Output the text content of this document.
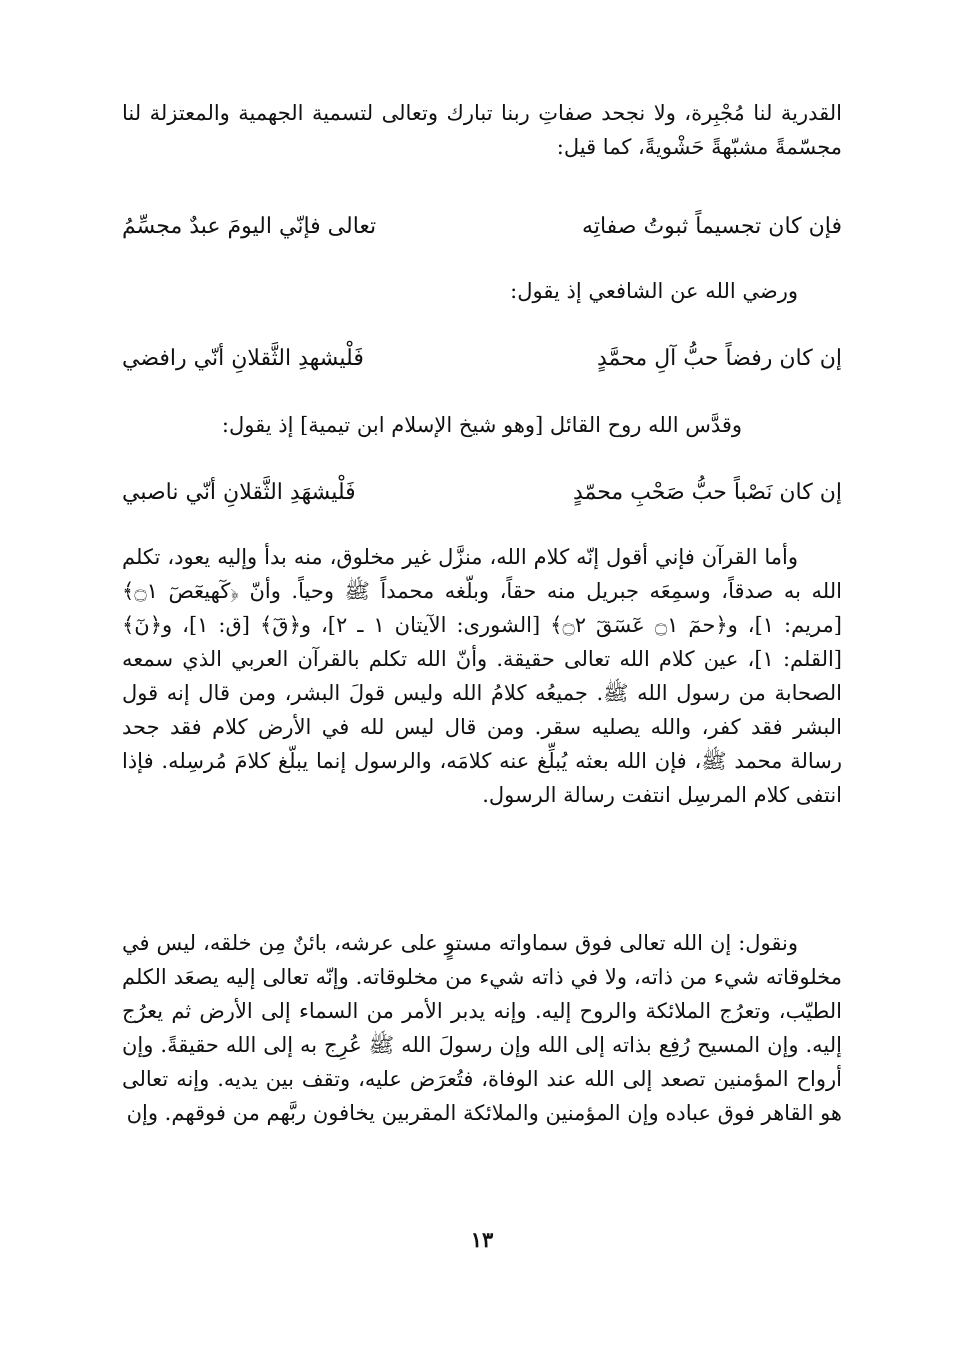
القدرية لنا مُجْبِرة، ولا نجحد صفاتِ ربنا تبارك وتعالى لتسمية الجهمية والمعتزلة لنا مجسّمةً مشبّهةً حَشْويةً، كما قيل:

فإن كان تجسيماً ثبوتُ صفاتِه
تعالى فإنّي اليومَ عبدٌ مجسِّمُ

ورضي الله عن الشافعي إذ يقول:

إن كان رفضاً حبُّ آلِ محمَّدٍ
فَلْيشهدِ الثَّقلانِ أنّي رافضي
وقدَّس الله روح القائل [وهو شيخ الإسلام ابن تيمية] إذ يقول:
إن كان نَصْباً حبُّ صَحْبِ محمّدٍ
فَلْيشهَدِ الثَّقلانِ أنّي ناصبي

وأما القرآن فإني أقول إنّه كلام الله، منزَّل غير مخلوق، منه بدأ وإليه يعود، تكلم الله به صدقاً، وسمِعَه جبريل منه حقاً، وبلّغه محمداً ﷺ وحياً. وأنّ ﴿كٓهيعٓصٓ ۝١﴾ [مريم: ١]، و﴿حمٓ ۝١ عٓسٓقٓ ۝٢﴾ [الشورى: الآيتان ١ ـ ٢]، و﴿قٓ﴾ [ق: ١]، و﴿نٓ﴾ [القلم: ١]، عين كلام الله تعالى حقيقة. وأنّ الله تكلم بالقرآن العربي الذي سمعه الصحابة من رسول الله ﷺ. جميعُه كلامُ الله وليس قولَ البشر، ومن قال إنه قول البشر فقد كفر، والله يصليه سقر. ومن قال ليس لله في الأرض كلام فقد جحد رسالة محمد ﷺ، فإن الله بعثه يُبلِّغ عنه كلامَه، والرسول إنما يبلّغ كلامَ مُرسِله. فإذا انتفى كلام المرسِل انتفت رسالة الرسول.

ونقول: إن الله تعالى فوق سماواته مستوٍ على عرشه، بائنٌ مِن خلقه، ليس في مخلوقاته شيء من ذاته، ولا في ذاته شيء من مخلوقاته. وإنّه تعالى إليه يصعَد الكلم الطيّب، وتعرُج الملائكة والروح إليه. وإنه يدبر الأمر من السماء إلى الأرض ثم يعرُج إليه. وإن المسيح رُفِع بذاته إلى الله وإن رسولَ الله ﷺ عُرِج به إلى الله حقيقةً. وإن أرواح المؤمنين تصعد إلى الله عند الوفاة، فتُعرَض عليه، وتقف بين يديه. وإنه تعالى هو القاهر فوق عباده وإن المؤمنين والملائكة المقربين يخافون ربَّهم من فوقهم. وإن

١٣
